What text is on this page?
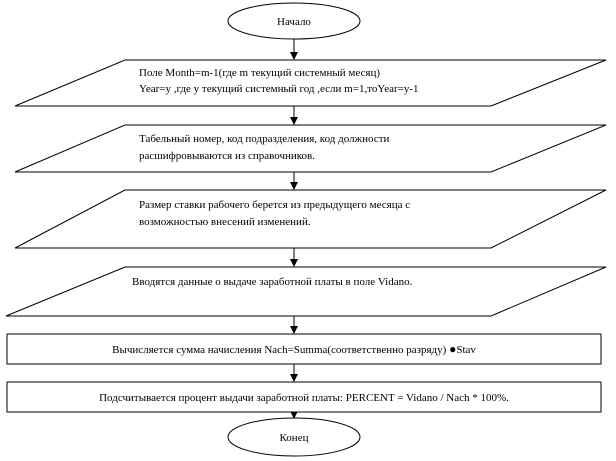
Начало
Поле Month=m-1(где m текущий системный месяц)
Year=y ,где y текущий системный год ,если m=1,тоYear=y-1
Табельный номер, код подразделения, код должности
расшифровываются из справочников.
Размер ставки рабочего берется из предыдущего месяца с
возможностью внесений изменений.
Вводятся данные о выдаче заработной платы в поле Vidano.
Вычисляется сумма начисления Nach=Summa(соответственно разряду) ●Stav
Подсчитывается процент выдачи заработной платы: PERCENT = Vidano / Nach * 100%.
Конец
